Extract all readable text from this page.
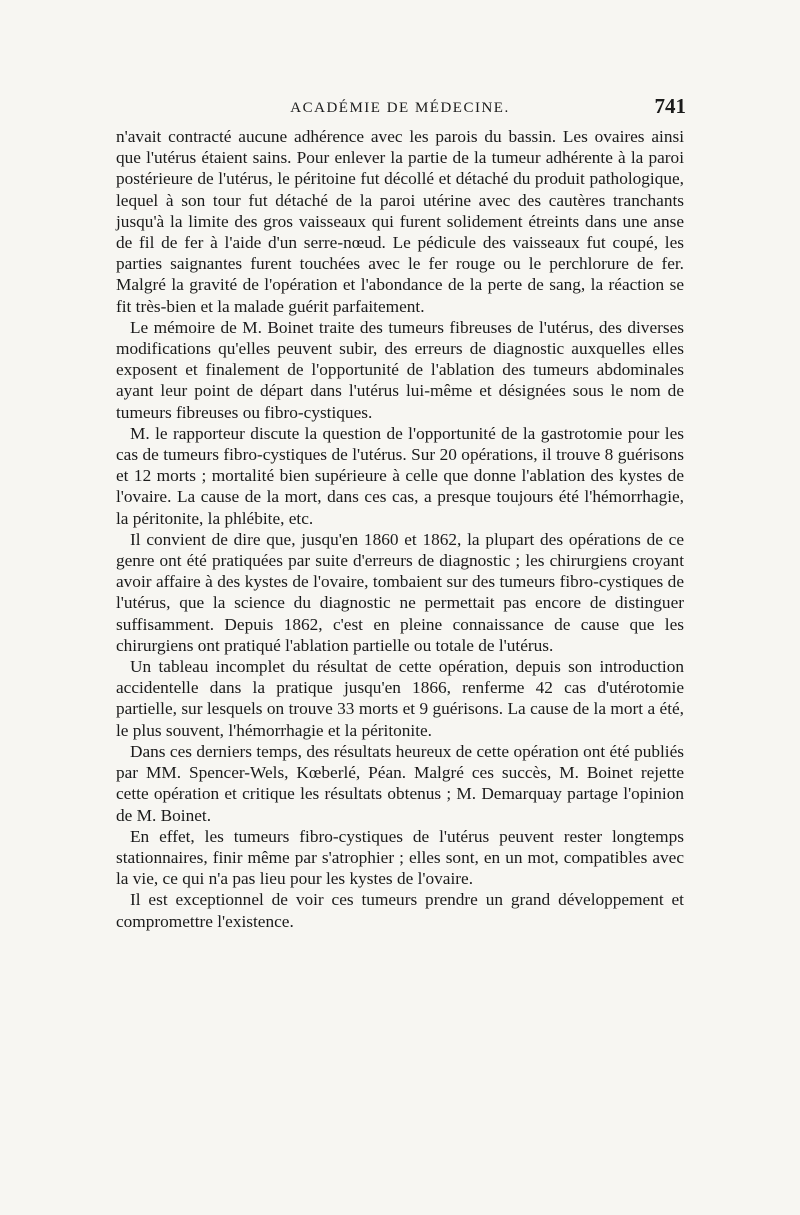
ACADÉMIE DE MÉDECINE.	741

n'avait contracté aucune adhérence avec les parois du bassin. Les ovaires ainsi que l'utérus étaient sains. Pour enlever la partie de la tumeur adhérente à la paroi postérieure de l'utérus, le péritoine fut décollé et détaché du produit pathologique, lequel à son tour fut détaché de la paroi utérine avec des cautères tranchants jusqu'à la limite des gros vaisseaux qui furent solidement étreints dans une anse de fil de fer à l'aide d'un serre-nœud. Le pédicule des vaisseaux fut coupé, les parties saignantes furent touchées avec le fer rouge ou le perchlorure de fer. Malgré la gravité de l'opération et l'abondance de la perte de sang, la réaction se fit très-bien et la malade guérit parfaitement.

Le mémoire de M. Boinet traite des tumeurs fibreuses de l'utérus, des diverses modifications qu'elles peuvent subir, des erreurs de diagnostic auxquelles elles exposent et finalement de l'opportunité de l'ablation des tumeurs abdominales ayant leur point de départ dans l'utérus lui-même et désignées sous le nom de tumeurs fibreuses ou fibro-cystiques.

M. le rapporteur discute la question de l'opportunité de la gastrotomie pour les cas de tumeurs fibro-cystiques de l'utérus. Sur 20 opérations, il trouve 8 guérisons et 12 morts ; mortalité bien supérieure à celle que donne l'ablation des kystes de l'ovaire. La cause de la mort, dans ces cas, a presque toujours été l'hémorrhagie, la péritonite, la phlébite, etc.

Il convient de dire que, jusqu'en 1860 et 1862, la plupart des opérations de ce genre ont été pratiquées par suite d'erreurs de diagnostic ; les chirurgiens croyant avoir affaire à des kystes de l'ovaire, tombaient sur des tumeurs fibro-cystiques de l'utérus, que la science du diagnostic ne permettait pas encore de distinguer suffisamment. Depuis 1862, c'est en pleine connaissance de cause que les chirurgiens ont pratiqué l'ablation partielle ou totale de l'utérus.

Un tableau incomplet du résultat de cette opération, depuis son introduction accidentelle dans la pratique jusqu'en 1866, renferme 42 cas d'utérotomie partielle, sur lesquels on trouve 33 morts et 9 guérisons. La cause de la mort a été, le plus souvent, l'hémorrhagie et la péritonite.

Dans ces derniers temps, des résultats heureux de cette opération ont été publiés par MM. Spencer-Wels, Kœberlé, Péan. Malgré ces succès, M. Boinet rejette cette opération et critique les résultats obtenus ; M. Demarquay partage l'opinion de M. Boinet.

En effet, les tumeurs fibro-cystiques de l'utérus peuvent rester longtemps stationnaires, finir même par s'atrophier ; elles sont, en un mot, compatibles avec la vie, ce qui n'a pas lieu pour les kystes de l'ovaire.

Il est exceptionnel de voir ces tumeurs prendre un grand développement et compromettre l'existence.
